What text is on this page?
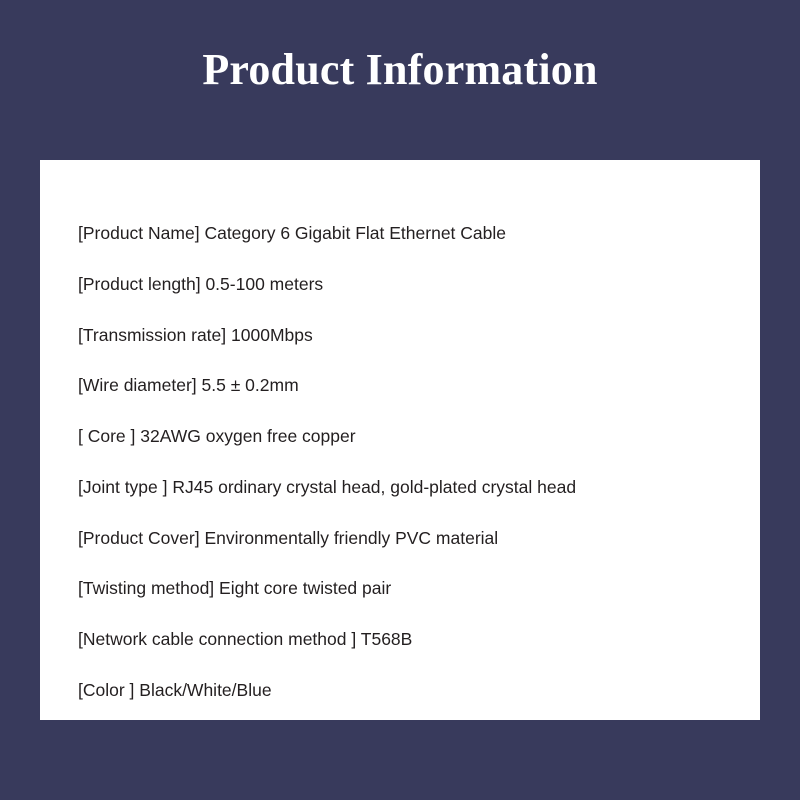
Product Information
[Product Name] Category 6 Gigabit Flat Ethernet Cable
[Product length] 0.5-100 meters
[Transmission rate] 1000Mbps
[Wire diameter] 5.5 ± 0.2mm
[ Core ] 32AWG oxygen free copper
[Joint type ] RJ45 ordinary crystal head, gold-plated crystal head
[Product Cover] Environmentally friendly PVC material
[Twisting method] Eight core twisted pair
[Network cable connection method ] T568B
[Color ] Black/White/Blue
